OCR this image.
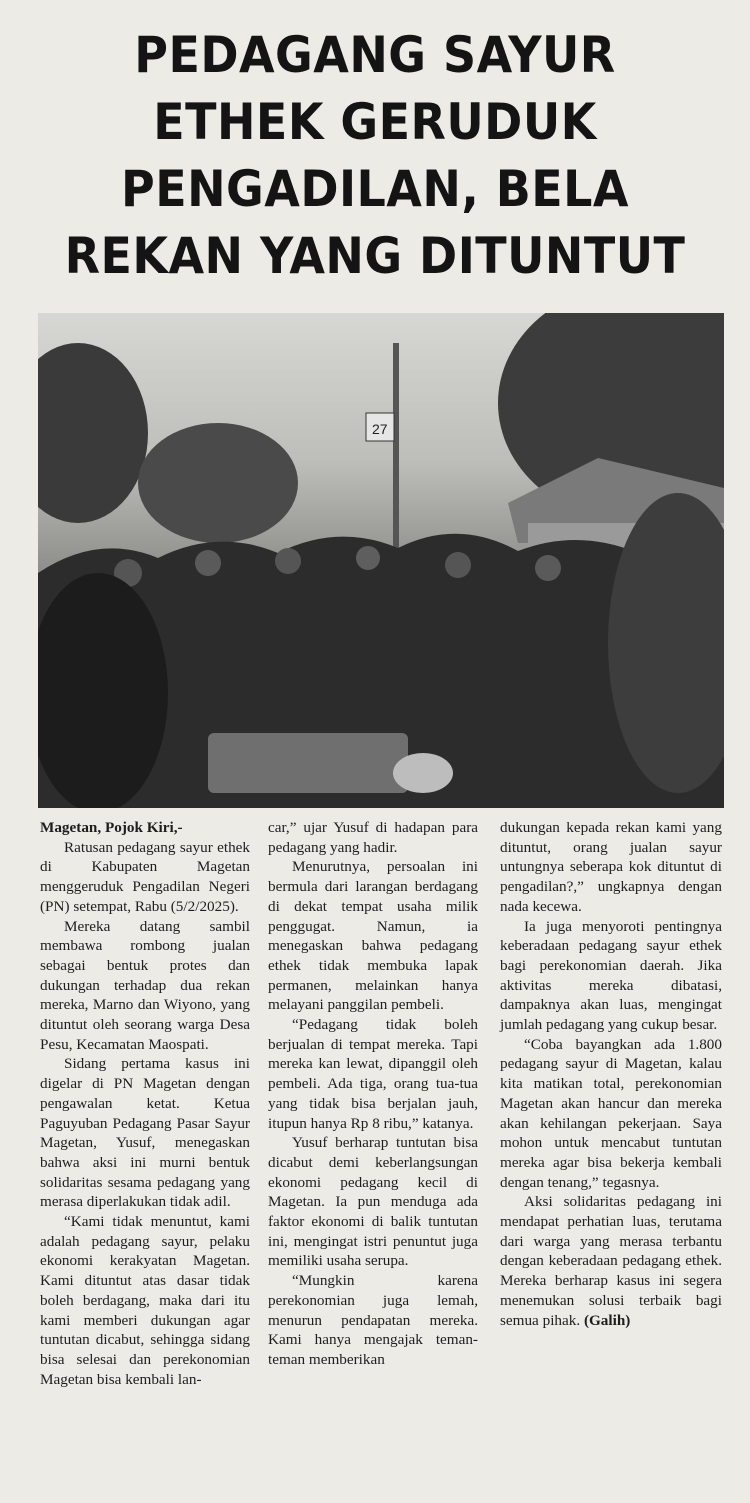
PEDAGANG SAYUR
ETHEK GERUDUK
PENGADILAN, BELA
REKAN YANG DITUNTUT
27

Magetan, Pojok Kiri,-

Ratusan pedagang sayur ethek di Kabupaten Magetan menggeruduk Pengadilan Negeri (PN) setempat, Rabu (5/2/2025).

Mereka datang sambil membawa rombong jualan sebagai bentuk protes dan dukungan terhadap dua rekan mereka, Marno dan Wiyono, yang dituntut oleh seorang warga Desa Pesu, Kecamatan Maospati.

Sidang pertama kasus ini digelar di PN Magetan dengan pengawalan ketat. Ketua Paguyuban Pedagang Pasar Sayur Magetan, Yusuf, menegaskan bahwa aksi ini murni bentuk solidaritas sesama pedagang yang merasa diperlakukan tidak adil.

“Kami tidak menuntut, kami adalah pedagang sayur, pelaku ekonomi kerakyatan Magetan. Kami dituntut atas dasar tidak boleh berdagang, maka dari itu kami memberi dukungan agar tuntutan dicabut, sehingga sidang bisa selesai dan perekonomian Magetan bisa kembali lan-

car,” ujar Yusuf di hadapan para pedagang yang hadir.

Menurutnya, persoalan ini bermula dari larangan berdagang di dekat tempat usaha milik penggugat. Namun, ia menegaskan bahwa pedagang ethek tidak membuka lapak permanen, melainkan hanya melayani panggilan pembeli.

“Pedagang tidak boleh berjualan di tempat mereka. Tapi mereka kan lewat, dipanggil oleh pembeli. Ada tiga, orang tua-tua yang tidak bisa berjalan jauh, itupun hanya Rp 8 ribu,” katanya.

Yusuf berharap tuntutan bisa dicabut demi keberlangsungan ekonomi pedagang kecil di Magetan. Ia pun menduga ada faktor ekonomi di balik tuntutan ini, mengingat istri penuntut juga memiliki usaha serupa.

“Mungkin karena perekonomian juga lemah, menurun pendapatan mereka. Kami hanya mengajak teman-teman memberikan

dukungan kepada rekan kami yang dituntut, orang jualan sayur untungnya seberapa kok dituntut di pengadilan?,” ungkapnya dengan nada kecewa.

Ia juga menyoroti pentingnya keberadaan pedagang sayur ethek bagi perekonomian daerah. Jika aktivitas mereka dibatasi, dampaknya akan luas, mengingat jumlah pedagang yang cukup besar.

“Coba bayangkan ada 1.800 pedagang sayur di Magetan, kalau kita matikan total, perekonomian Magetan akan hancur dan mereka akan kehilangan pekerjaan. Saya mohon untuk mencabut tuntutan mereka agar bisa bekerja kembali dengan tenang,” tegasnya.

Aksi solidaritas pedagang ini mendapat perhatian luas, terutama dari warga yang merasa terbantu dengan keberadaan pedagang ethek. Mereka berharap kasus ini segera menemukan solusi terbaik bagi semua pihak. (Galih)
